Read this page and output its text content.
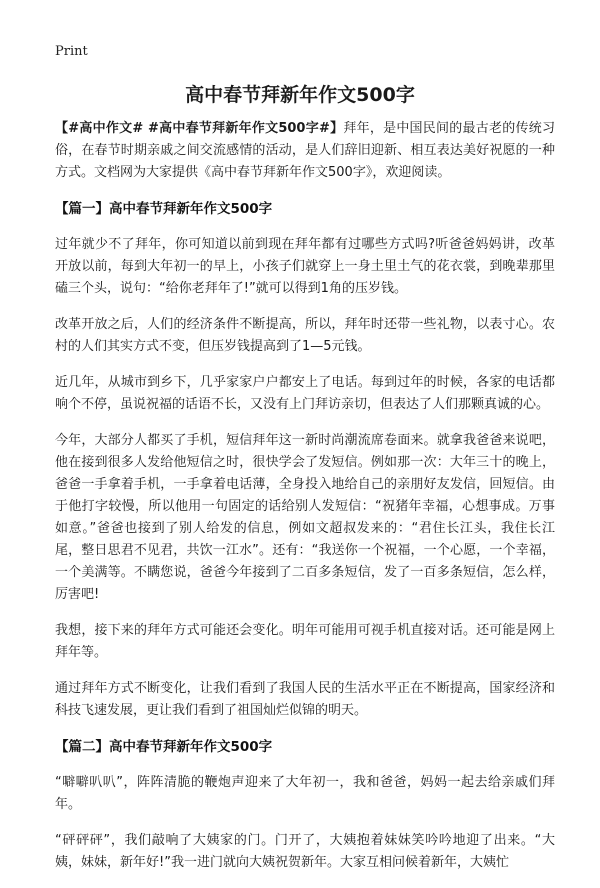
Print
高中春节拜新年作文500字

【#高中作文# #高中春节拜新年作文500字#】拜年，是中国民间的最古老的传统习俗，在春节时期亲戚之间交流感情的活动，是人们辞旧迎新、相互表达美好祝愿的一种方式。文档网为大家提供《高中春节拜新年作文500字》，欢迎阅读。

【篇一】高中春节拜新年作文500字

过年就少不了拜年，你可知道以前到现在拜年都有过哪些方式吗?听爸爸妈妈讲，改革开放以前，每到大年初一的早上，小孩子们就穿上一身土里土气的花衣裳，到晚辈那里磕三个头，说句：“给你老拜年了!”就可以得到1角的压岁钱。

改革开放之后，人们的经济条件不断提高，所以，拜年时还带一些礼物，以表寸心。农村的人们其实方式不变，但压岁钱提高到了1—5元钱。

近几年，从城市到乡下，几乎家家户户都安上了电话。每到过年的时候，各家的电话都响个不停，虽说祝福的话语不长，又没有上门拜访亲切，但表达了人们那颗真诚的心。

今年，大部分人都买了手机，短信拜年这一新时尚潮流席卷面来。就拿我爸爸来说吧，他在接到很多人发给他短信之时，很快学会了发短信。例如那一次：大年三十的晚上，爸爸一手拿着手机，一手拿着电话薄，全身投入地给自己的亲朋好友发信，回短信。由于他打字较慢，所以他用一句固定的话给别人发短信：“祝猪年幸福，心想事成。万事如意。”爸爸也接到了别人给发的信息，例如文超叔发来的：“君住长江头，我住长江尾，整日思君不见君，共饮一江水”。还有：“我送你一个祝福，一个心愿，一个幸福，一个美满等。不瞒您说，爸爸今年接到了二百多条短信，发了一百多条短信，怎么样，厉害吧!

我想，接下来的拜年方式可能还会变化。明年可能用可视手机直接对话。还可能是网上拜年等。

通过拜年方式不断变化，让我们看到了我国人民的生活水平正在不断提高，国家经济和科技飞速发展，更让我们看到了祖国灿烂似锦的明天。

【篇二】高中春节拜新年作文500字

“噼噼叭叭”，阵阵清脆的鞭炮声迎来了大年初一，我和爸爸，妈妈一起去给亲戚们拜年。

“砰砰砰”，我们敲响了大姨家的门。门开了，大姨抱着妹妹笑吟吟地迎了出来。“大姨，妹妹，新年好!”我一进门就向大姨祝贺新年。大家互相问候着新年，大姨忙
